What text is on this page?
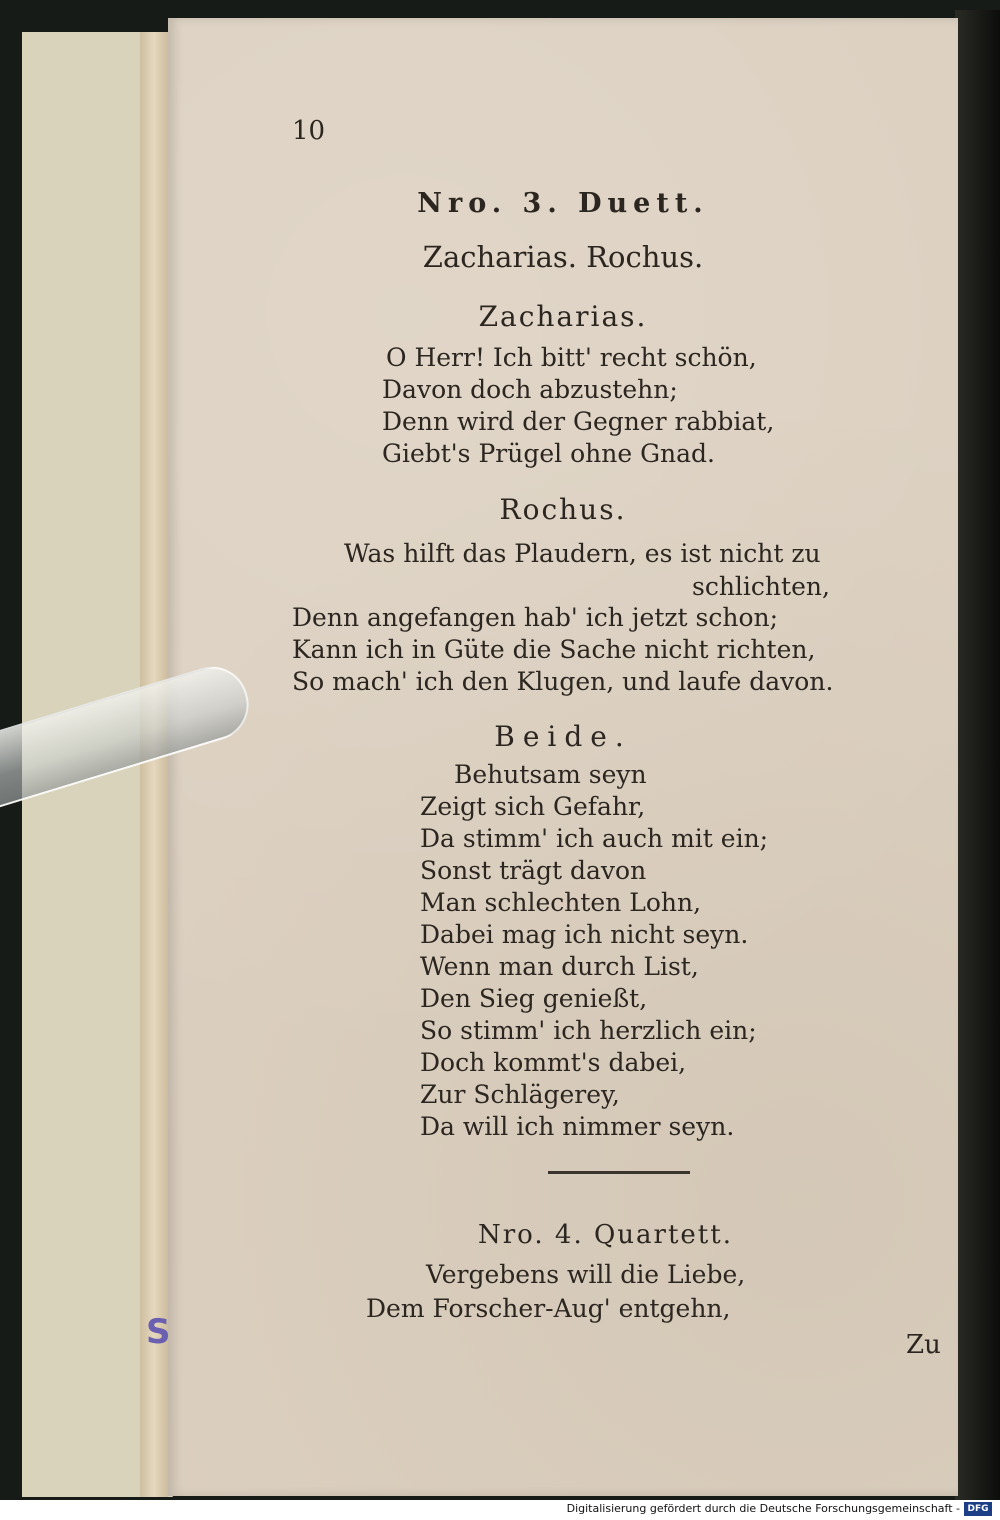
10
Nro. 3. Duett.
Zacharias. Rochus.
Zacharias.
O Herr! Ich bitt' recht schön,
Davon doch abzustehn;
Denn wird der Gegner rabbiat,
Giebt's Prügel ohne Gnad.
Rochus.
Was hilft das Plaudern, es ist nicht zu
schlichten,
Denn angefangen hab' ich jetzt schon;
Kann ich in Güte die Sache nicht richten,
So mach' ich den Klugen, und laufe davon.
Beide.
Behutsam seyn
Zeigt sich Gefahr,
Da stimm' ich auch mit ein;
Sonst trägt davon
Man schlechten Lohn,
Dabei mag ich nicht seyn.
Wenn man durch List,
Den Sieg genießt,
So stimm' ich herzlich ein;
Doch kommt's dabei,
Zur Schlägerey,
Da will ich nimmer seyn.
Nro. 4. Quartett.
Vergebens will die Liebe,
Dem Forscher-Aug' entgehn,
Zu
S
Digitalisierung gefördert durch die Deutsche Forschungsgemeinschaft - DFG
